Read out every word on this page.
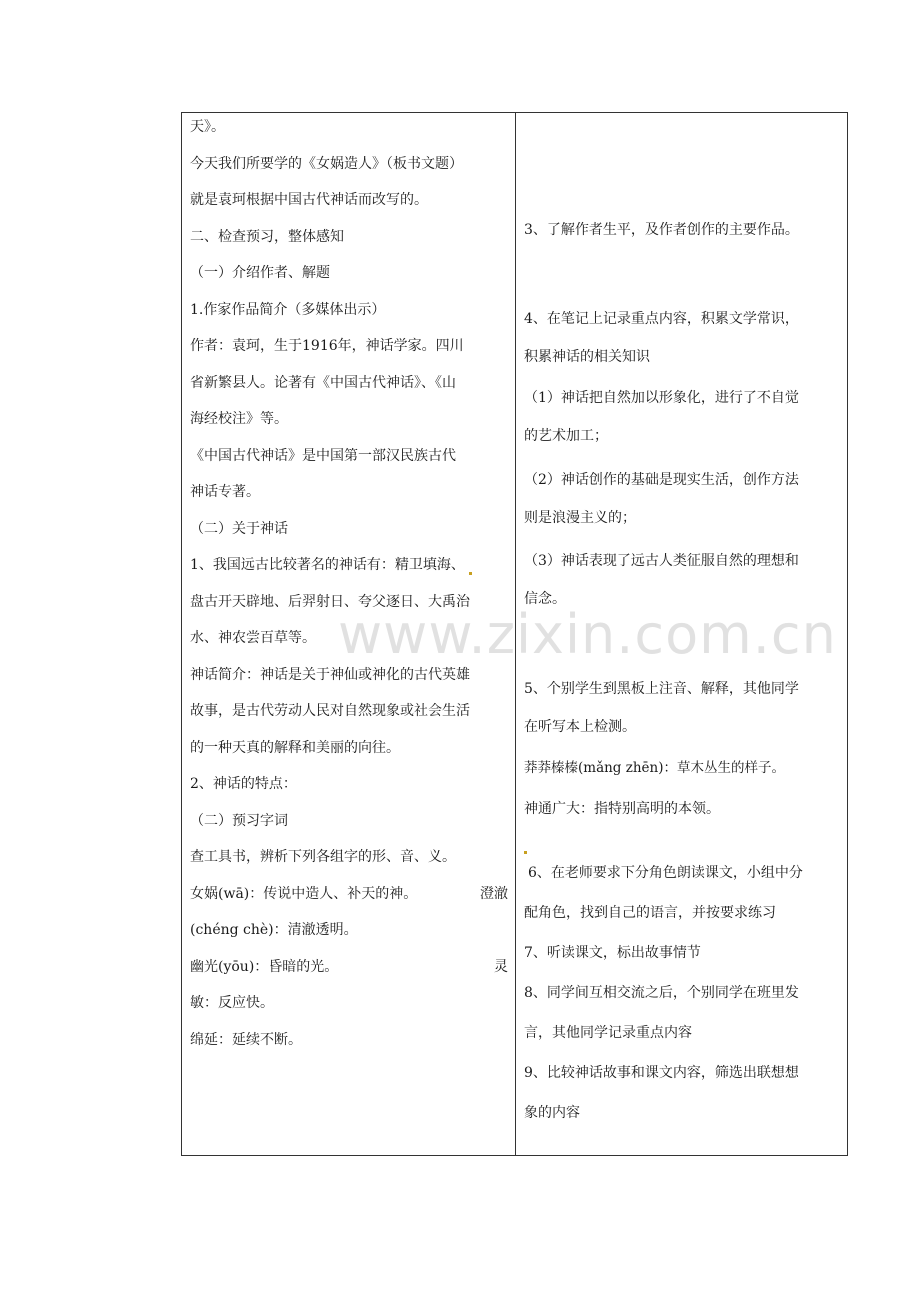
天》。

今天我们所要学的《女娲造人》（板书文题）

就是袁珂根据中国古代神话而改写的。

二、检查预习，整体感知

（一）介绍作者、解题

1.作家作品简介（多媒体出示）

作者：袁珂，生于1916年，神话学家。四川

省新繁县人。论著有《中国古代神话》、《山

海经校注》等。

《中国古代神话》是中国第一部汉民族古代

神话专著。

（二）关于神话

1、我国远古比较著名的神话有：精卫填海、

盘古开天辟地、后羿射日、夸父逐日、大禹治

水、神农尝百草等。

神话简介：神话是关于神仙或神化的古代英雄

故事，是古代劳动人民对自然现象或社会生活

的一种天真的解释和美丽的向往。

2、神话的特点：

（二）预习字词

查工具书，辨析下列各组字的形、音、义。

女娲(wā)：传说中造人、补天的神。	澄澈

(chéng chè)：清澈透明。

幽光(yōu)：昏暗的光。	灵

敏：反应快。

绵延：延续不断。

3、了解作者生平，及作者创作的主要作品。

4、在笔记上记录重点内容，积累文学常识，

积累神话的相关知识

（1）神话把自然加以形象化，进行了不自觉

的艺术加工；

（2）神话创作的基础是现实生活，创作方法

则是浪漫主义的；

（3）神话表现了远古人类征服自然的理想和

信念。

5、个别学生到黑板上注音、解释，其他同学

在听写本上检测。

莽莽榛榛(mǎng zhēn)：草木丛生的样子。

神通广大：指特别高明的本领。

6、在老师要求下分角色朗读课文，小组中分

配角色，找到自己的语言，并按要求练习

7、听读课文，标出故事情节

8、同学间互相交流之后，个别同学在班里发

言，其他同学记录重点内容

9、比较神话故事和课文内容，筛选出联想想

象的内容

www.zixin.com.cn
